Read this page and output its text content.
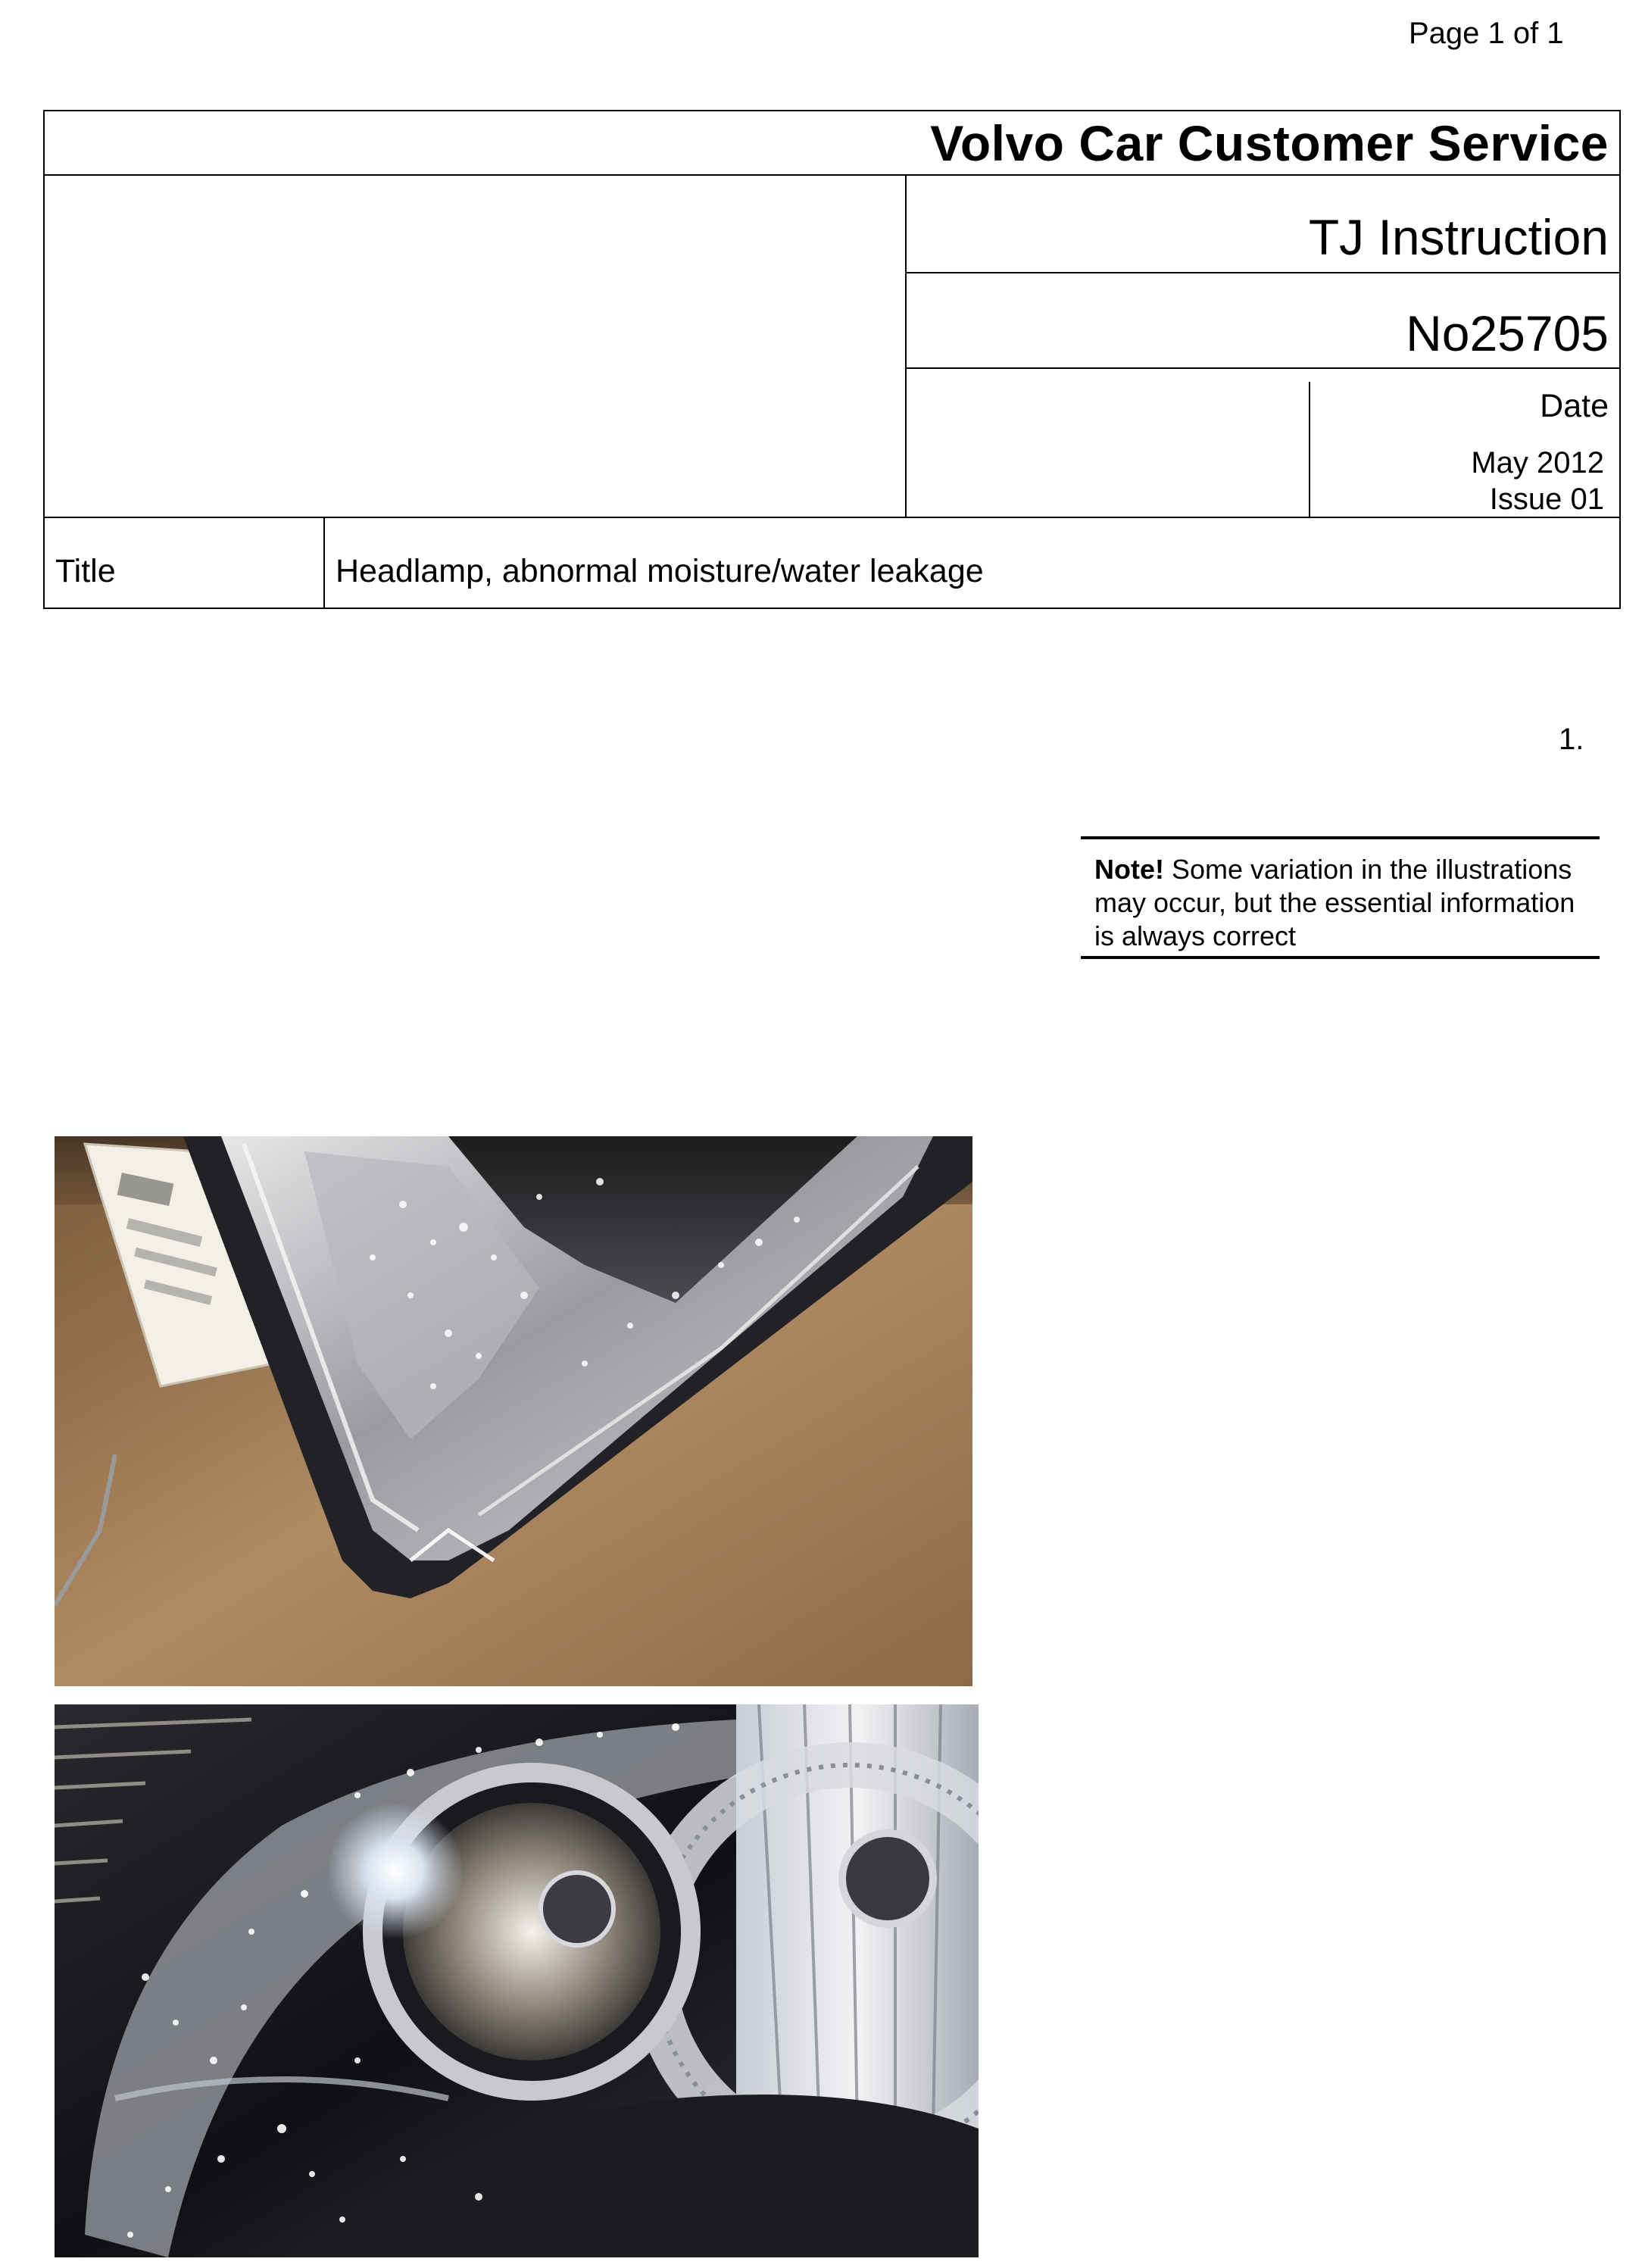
Page 1 of 1
Volvo Car Customer Service
TJ Instruction
No25705
Date
May 2012
Issue 01
Title	Headlamp, abnormal moisture/water leakage
1.
Note! Some variation in the illustrations may occur, but the essential information is always correct
